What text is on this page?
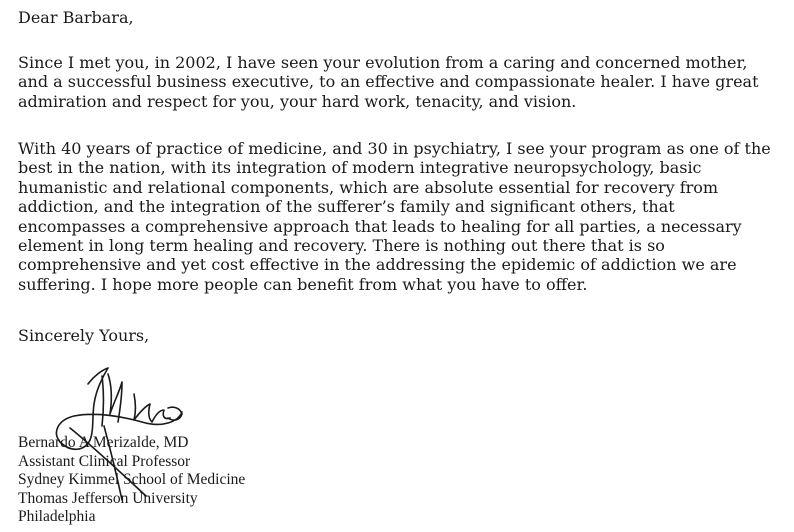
Dear Barbara,
Since I met you, in 2002, I have seen your evolution from a caring and concerned mother,
and a successful business executive, to an effective and compassionate healer. I have great
admiration and respect for you, your hard work, tenacity, and vision.
With 40 years of practice of medicine, and 30 in psychiatry, I see your program as one of the
best in the nation, with its integration of modern integrative neuropsychology, basic
humanistic and relational components, which are absolute essential for recovery from
addiction, and the integration of the sufferer’s family and significant others, that
encompasses a comprehensive approach that leads to healing for all parties, a necessary
element in long term healing and recovery. There is nothing out there that is so
comprehensive and yet cost effective in the addressing the epidemic of addiction we are
suffering. I hope more people can benefit from what you have to offer.
Sincerely Yours,
Bernardo A Merizalde, MD
Assistant Clinical Professor
Sydney Kimmel School of Medicine
Thomas Jefferson University
Philadelphia
